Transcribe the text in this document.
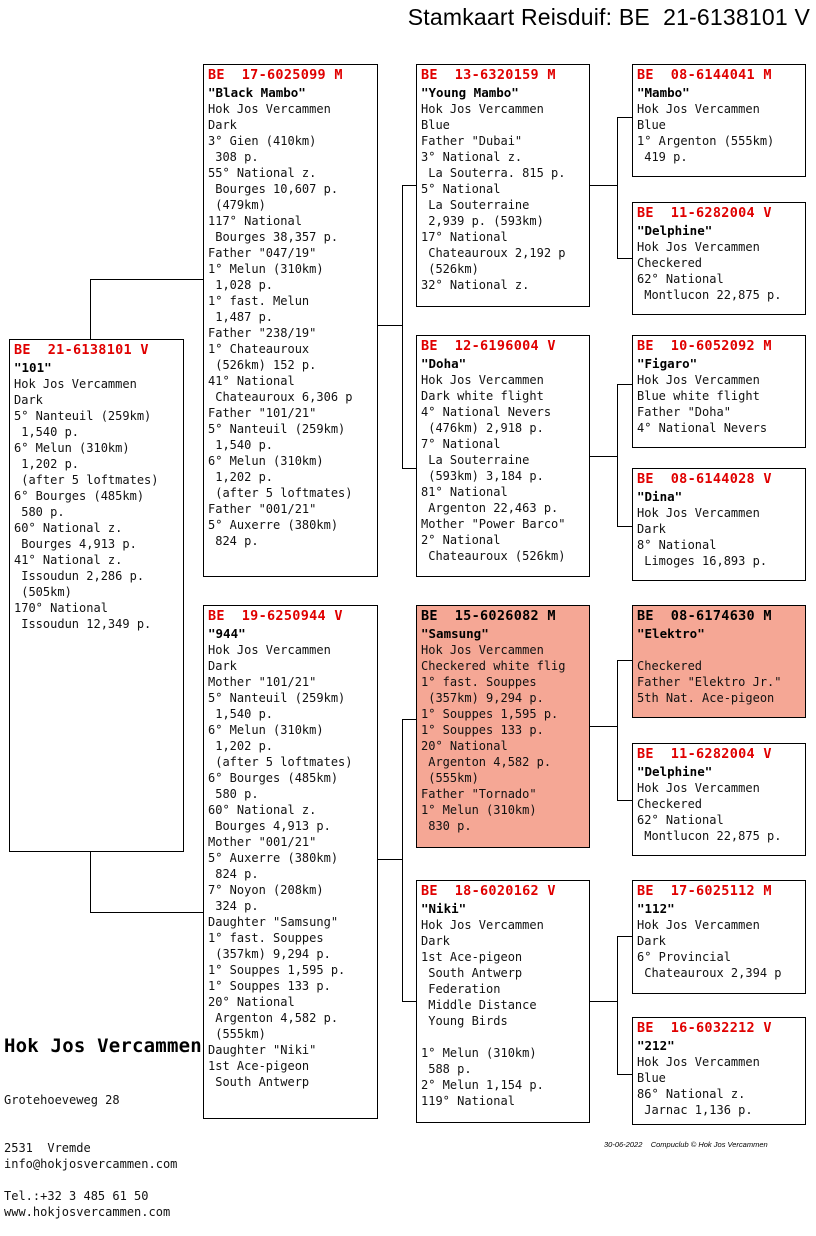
Stamkaart Reisduif: BE  21-6138101 V
BE  21-6138101 V
"101"
Hok Jos Vercammen
Dark
5° Nanteuil (259km)
1,540 p.
6° Melun (310km)
1,202 p.
(after 5 loftmates)
6° Bourges (485km)
580 p.
60° National z.
Bourges 4,913 p.
41° National z.
Issoudun 2,286 p.
(505km)
170° National
Issoudun 12,349 p.
BE  17-6025099 M
"Black Mambo"
Hok Jos Vercammen
Dark
3° Gien (410km)
308 p.
55° National z.
Bourges 10,607 p.
(479km)
117° National
Bourges 38,357 p.
Father "047/19"
1° Melun (310km)
1,028 p.
1° fast. Melun
1,487 p.
Father "238/19"
1° Chateauroux
(526km) 152 p.
41° National
Chateauroux 6,306 p
Father "101/21"
5° Nanteuil (259km)
1,540 p.
6° Melun (310km)
1,202 p.
(after 5 loftmates)
Father "001/21"
5° Auxerre (380km)
824 p.
BE  19-6250944 V
"944"
Hok Jos Vercammen
Dark
Mother "101/21"
5° Nanteuil (259km)
1,540 p.
6° Melun (310km)
1,202 p.
(after 5 loftmates)
6° Bourges (485km)
580 p.
60° National z.
Bourges 4,913 p.
Mother "001/21"
5° Auxerre (380km)
824 p.
7° Noyon (208km)
324 p.
Daughter "Samsung"
1° fast. Souppes
(357km) 9,294 p.
1° Souppes 1,595 p.
1° Souppes 133 p.
20° National
Argenton 4,582 p.
(555km)
Daughter "Niki"
1st Ace-pigeon
South Antwerp
BE  13-6320159 M
"Young Mambo"
Hok Jos Vercammen
Blue
Father "Dubai"
3° National z.
La Souterra. 815 p.
5° National
La Souterraine
2,939 p. (593km)
17° National
Chateauroux 2,192 p
(526km)
32° National z.
BE  12-6196004 V
"Doha"
Hok Jos Vercammen
Dark white flight
4° National Nevers
(476km) 2,918 p.
7° National
La Souterraine
(593km) 3,184 p.
81° National
Argenton 22,463 p.
Mother "Power Barco"
2° National
Chateauroux (526km)
BE  15-6026082 M
"Samsung"
Hok Jos Vercammen
Checkered white flig
1° fast. Souppes
(357km) 9,294 p.
1° Souppes 1,595 p.
1° Souppes 133 p.
20° National
Argenton 4,582 p.
(555km)
Father "Tornado"
1° Melun (310km)
830 p.
BE  18-6020162 V
"Niki"
Hok Jos Vercammen
Dark
1st Ace-pigeon
South Antwerp
Federation
Middle Distance
Young Birds

1° Melun (310km)
588 p.
2° Melun 1,154 p.
119° National
BE  08-6144041 M
"Mambo"
Hok Jos Vercammen
Blue
1° Argenton (555km)
419 p.
BE  11-6282004 V
"Delphine"
Hok Jos Vercammen
Checkered
62° National
Montlucon 22,875 p.
BE  10-6052092 M
"Figaro"
Hok Jos Vercammen
Blue white flight
Father "Doha"
4° National Nevers
BE  08-6144028 V
"Dina"
Hok Jos Vercammen
Dark
8° National
Limoges 16,893 p.
BE  08-6174630 M
"Elektro"

Checkered
Father "Elektro Jr."
5th Nat. Ace-pigeon
BE  11-6282004 V
"Delphine"
Hok Jos Vercammen
Checkered
62° National
Montlucon 22,875 p.
BE  17-6025112 M
"112"
Hok Jos Vercammen
Dark
6° Provincial
Chateauroux 2,394 p
BE  16-6032212 V
"212"
Hok Jos Vercammen
Blue
86° National z.
Jarnac 1,136 p.
Hok Jos Vercammen

Grotehoeveweg 28

2531  Vremde

Tel.:+32 3 485 61 50

info@hokjosvercammen.com

www.hokjosvercammen.com

30-06-2022 Compuclub © Hok Jos Vercammen
